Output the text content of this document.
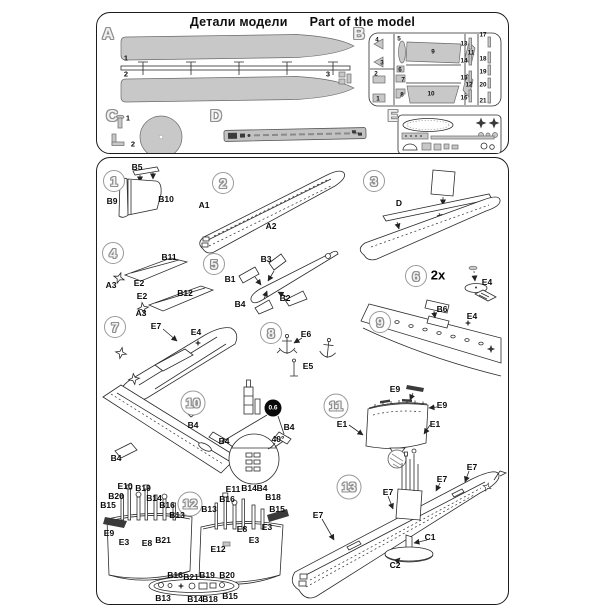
Детали модели Part of the model
A	B
C	D	E
1
2	3
1
2
1
2
3
4	5
6
7
8
9
10
11
12
13
14
15
16
17
18
19
20
21
1	2	3
4
5
6
7	8
9
10	11
12
13
2x
0.6
B5
B9	B10
A1
A2
D
B11
A3 E2
E2	B12
A3
B3
B1
B2
B4
E4
E7
E4	E6
E5
B6
E4
B4
B4
B4
B4
40°
E9
E9
E1	E1
E10 B19
B20	B14
B15	B16
B13
E9
E3 E8 B21
E11 B14 B4
B18
B16
B13	B15
E8 E3
E3
E12
B16 B21 B19 B20
B13 B14 B18 B15
E7
E7
E7
E7
C1
C2
